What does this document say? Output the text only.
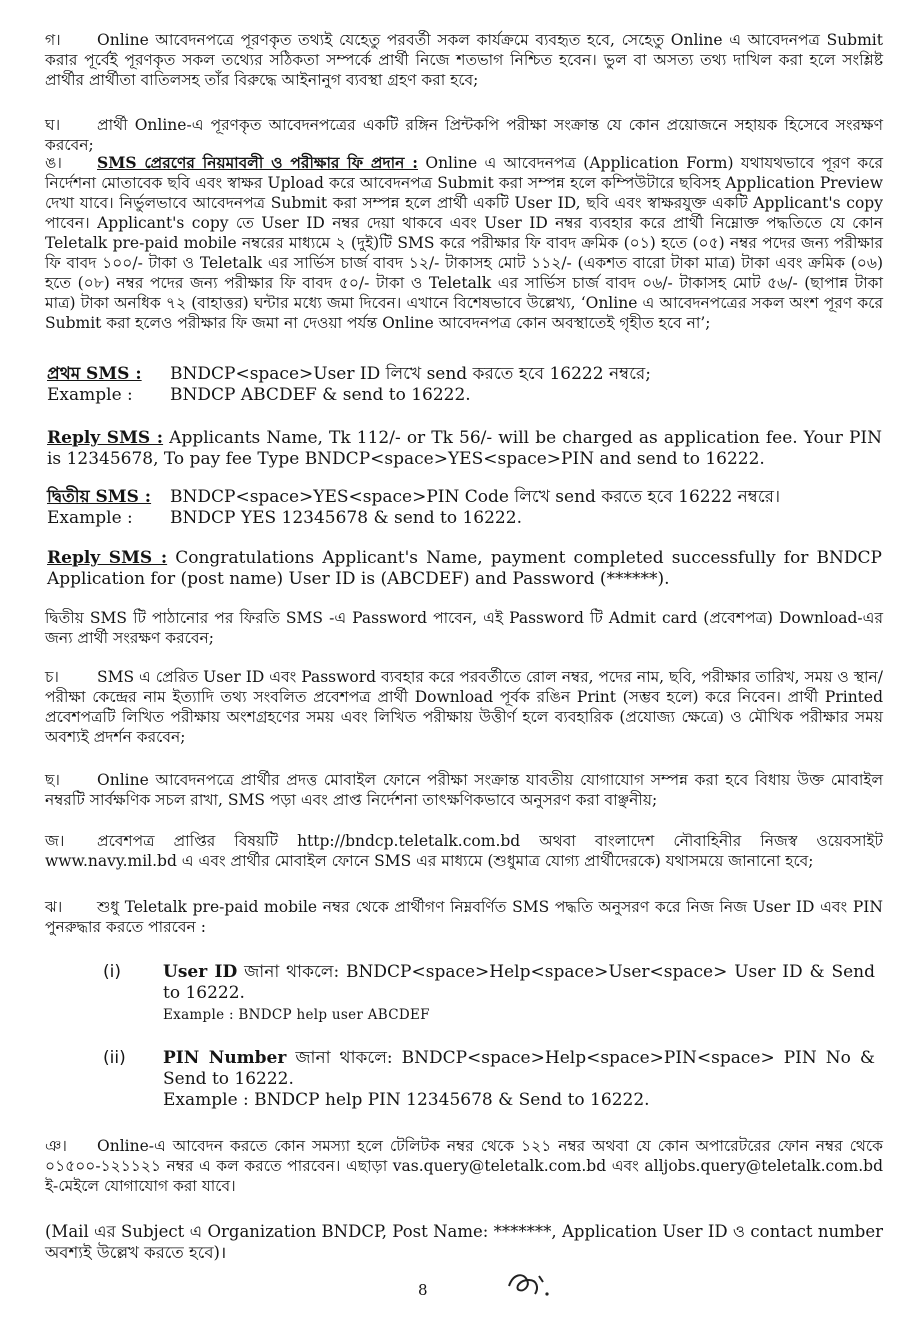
গ। Online আবেদনপত্রে পূরণকৃত তথ্যই যেহেতু পরবর্তী সকল কার্যক্রমে ব্যবহৃত হবে, সেহেতু Online এ আবেদনপত্র Submit করার পূর্বেই পূরণকৃত সকল তথ্যের সঠিকতা সম্পর্কে প্রার্থী নিজে শতভাগ নিশ্চিত হবেন। ভুল বা অসত্য তথ্য দাখিল করা হলে সংশ্লিষ্ট প্রার্থীর প্রার্থীতা বাতিলসহ তাঁর বিরুদ্ধে আইনানুগ ব্যবস্থা গ্রহণ করা হবে;
ঘ। প্রার্থী Online-এ পূরণকৃত আবেদনপত্রের একটি রঙ্গিন প্রিন্টকপি পরীক্ষা সংক্রান্ত যে কোন প্রয়োজনে সহায়ক হিসেবে সংরক্ষণ করবেন;
ঙ। SMS প্রেরণের নিয়মাবলী ও পরীক্ষার ফি প্রদান : Online এ আবেদনপত্র (Application Form) যথাযথভাবে পূরণ করে নির্দেশনা মোতাবেক ছবি এবং স্বাক্ষর Upload করে আবেদনপত্র Submit করা সম্পন্ন হলে কম্পিউটারে ছবিসহ Application Preview দেখা যাবে। নির্ভুলভাবে আবেদনপত্র Submit করা সম্পন্ন হলে প্রার্থী একটি User ID, ছবি এবং স্বাক্ষরযুক্ত একটি Applicant's copy পাবেন। Applicant's copy তে User ID নম্বর দেয়া থাকবে এবং User ID নম্বর ব্যবহার করে প্রার্থী নিম্নোক্ত পদ্ধতিতে যে কোন Teletalk pre-paid mobile নম্বরের মাধ্যমে ২ (দুই)টি SMS করে পরীক্ষার ফি বাবদ ক্রমিক (০১) হতে (০৫) নম্বর পদের জন্য পরীক্ষার ফি বাবদ ১০০/- টাকা ও Teletalk এর সার্ভিস চার্জ বাবদ ১২/- টাকাসহ মোট ১১২/- (একশত বারো টাকা মাত্র) টাকা এবং ক্রমিক (০৬) হতে (০৮) নম্বর পদের জন্য পরীক্ষার ফি বাবদ ৫০/- টাকা ও Teletalk এর সার্ভিস চার্জ বাবদ ০৬/- টাকাসহ মোট ৫৬/- (ছাপান্ন টাকা মাত্র) টাকা অনধিক ৭২ (বাহাত্তর) ঘন্টার মধ্যে জমা দিবেন। এখানে বিশেষভাবে উল্লেখ্য, ‘Online এ আবেদনপত্রের সকল অংশ পূরণ করে Submit করা হলেও পরীক্ষার ফি জমা না দেওয়া পর্যন্ত Online আবেদনপত্র কোন অবস্থাতেই গৃহীত হবে না’;
প্রথম SMS : BNDCP<space>User ID লিখে send করতে হবে 16222 নম্বরে;
Example : BNDCP ABCDEF & send to 16222.
Reply SMS : Applicants Name, Tk 112/- or Tk 56/- will be charged as application fee. Your PIN is 12345678, To pay fee Type BNDCP<space>YES<space>PIN and send to 16222.
দ্বিতীয় SMS : BNDCP<space>YES<space>PIN Code লিখে send করতে হবে 16222 নম্বরে।
Example : BNDCP YES 12345678 & send to 16222.
Reply SMS : Congratulations Applicant's Name, payment completed successfully for BNDCP Application for (post name) User ID is (ABCDEF) and Password (******).
দ্বিতীয় SMS টি পাঠানোর পর ফিরতি SMS -এ Password পাবেন, এই Password টি Admit card (প্রবেশপত্র) Download-এর জন্য প্রার্থী সংরক্ষণ করবেন;
চ। SMS এ প্রেরিত User ID এবং Password ব্যবহার করে পরবর্তীতে রোল নম্বর, পদের নাম, ছবি, পরীক্ষার তারিখ, সময় ও স্থান/পরীক্ষা কেন্দ্রের নাম ইত্যাদি তথ্য সংবলিত প্রবেশপত্র প্রার্থী Download পূর্বক রঙিন Print (সম্ভব হলে) করে নিবেন। প্রার্থী Printed প্রবেশপত্রটি লিখিত পরীক্ষায় অংশগ্রহণের সময় এবং লিখিত পরীক্ষায় উত্তীর্ণ হলে ব্যবহারিক (প্রযোজ্য ক্ষেত্রে) ও মৌখিক পরীক্ষার সময় অবশ্যই প্রদর্শন করবেন;
ছ। Online আবেদনপত্রে প্রার্থীর প্রদত্ত মোবাইল ফোনে পরীক্ষা সংক্রান্ত যাবতীয় যোগাযোগ সম্পন্ন করা হবে বিধায় উক্ত মোবাইল নম্বরটি সার্বক্ষণিক সচল রাখা, SMS পড়া এবং প্রাপ্ত নির্দেশনা তাৎক্ষণিকভাবে অনুসরণ করা বাঞ্ছনীয়;
জ। প্রবেশপত্র প্রাপ্তির বিষয়টি http://bndcp.teletalk.com.bd অথবা বাংলাদেশ নৌবাহিনীর নিজস্ব ওয়েবসাইট www.navy.mil.bd এ এবং প্রার্থীর মোবাইল ফোনে SMS এর মাধ্যমে (শুধুমাত্র যোগ্য প্রার্থীদেরকে) যথাসময়ে জানানো হবে;
ঝ। শুধু Teletalk pre-paid mobile নম্বর থেকে প্রার্থীগণ নিম্নবর্ণিত SMS পদ্ধতি অনুসরণ করে নিজ নিজ User ID এবং PIN পুনরুদ্ধার করতে পারবেন :
(i) User ID জানা থাকলে: BNDCP<space>Help<space>User<space> User ID & Send to 16222.
Example : BNDCP help user ABCDEF
(ii) PIN Number জানা থাকলে: BNDCP<space>Help<space>PIN<space> PIN No & Send to 16222.
Example : BNDCP help PIN 12345678 & Send to 16222.
ঞ। Online-এ আবেদন করতে কোন সমস্যা হলে টেলিটক নম্বর থেকে ১২১ নম্বর অথবা যে কোন অপারেটরের ফোন নম্বর থেকে ০১৫০০-১২১১২১ নম্বর এ কল করতে পারবেন। এছাড়া vas.query@teletalk.com.bd এবং alljobs.query@teletalk.com.bd ই-মেইলে যোগাযোগ করা যাবে।
(Mail এর Subject এ Organization BNDCP, Post Name: *******, Application User ID ও contact number অবশ্যই উল্লেখ করতে হবে)।
8
